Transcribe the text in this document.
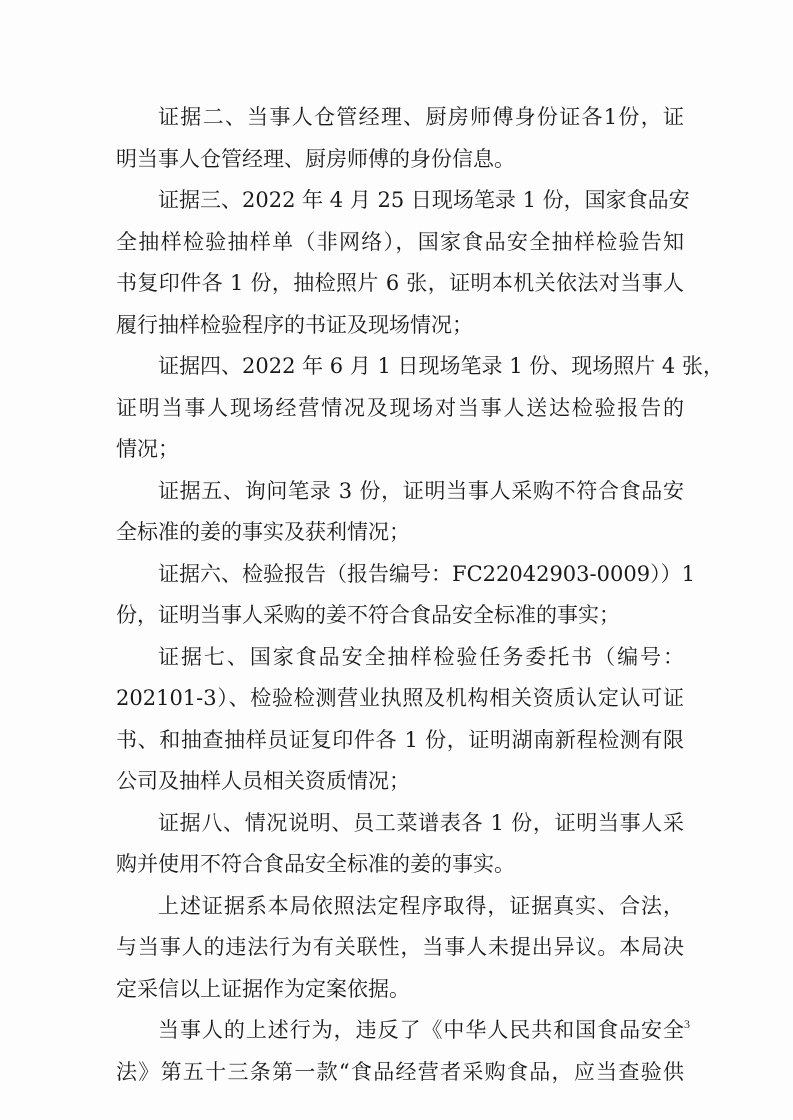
证据二、当事人仓管经理、厨房师傅身份证各1份，证
明当事人仓管经理、厨房师傅的身份信息。
证据三、2022 年 4 月 25 日现场笔录 1 份，国家食品安
全抽样检验抽样单（非网络），国家食品安全抽样检验告知
书复印件各 1 份，抽检照片 6 张，证明本机关依法对当事人
履行抽样检验程序的书证及现场情况；
证据四、2022 年 6 月 1 日现场笔录 1 份、现场照片 4 张，
证明当事人现场经营情况及现场对当事人送达检验报告的
情况；
证据五、询问笔录 3 份，证明当事人采购不符合食品安
全标准的姜的事实及获利情况；
证据六、检验报告（报告编号：FC22042903-0009））1
份，证明当事人采购的姜不符合食品安全标准的事实；
证据七、国家食品安全抽样检验任务委托书（编号：
202101-3）、检验检测营业执照及机构相关资质认定认可证
书、和抽查抽样员证复印件各 1 份，证明湖南新程检测有限
公司及抽样人员相关资质情况；
证据八、情况说明、员工菜谱表各 1 份，证明当事人采
购并使用不符合食品安全标准的姜的事实。
上述证据系本局依照法定程序取得，证据真实、合法，
与当事人的违法行为有关联性，当事人未提出异议。本局决
定采信以上证据作为定案依据。
当事人的上述行为，违反了《中华人民共和国食品安全
法》第五十三条第一款“食品经营者采购食品，应当查验供
3
